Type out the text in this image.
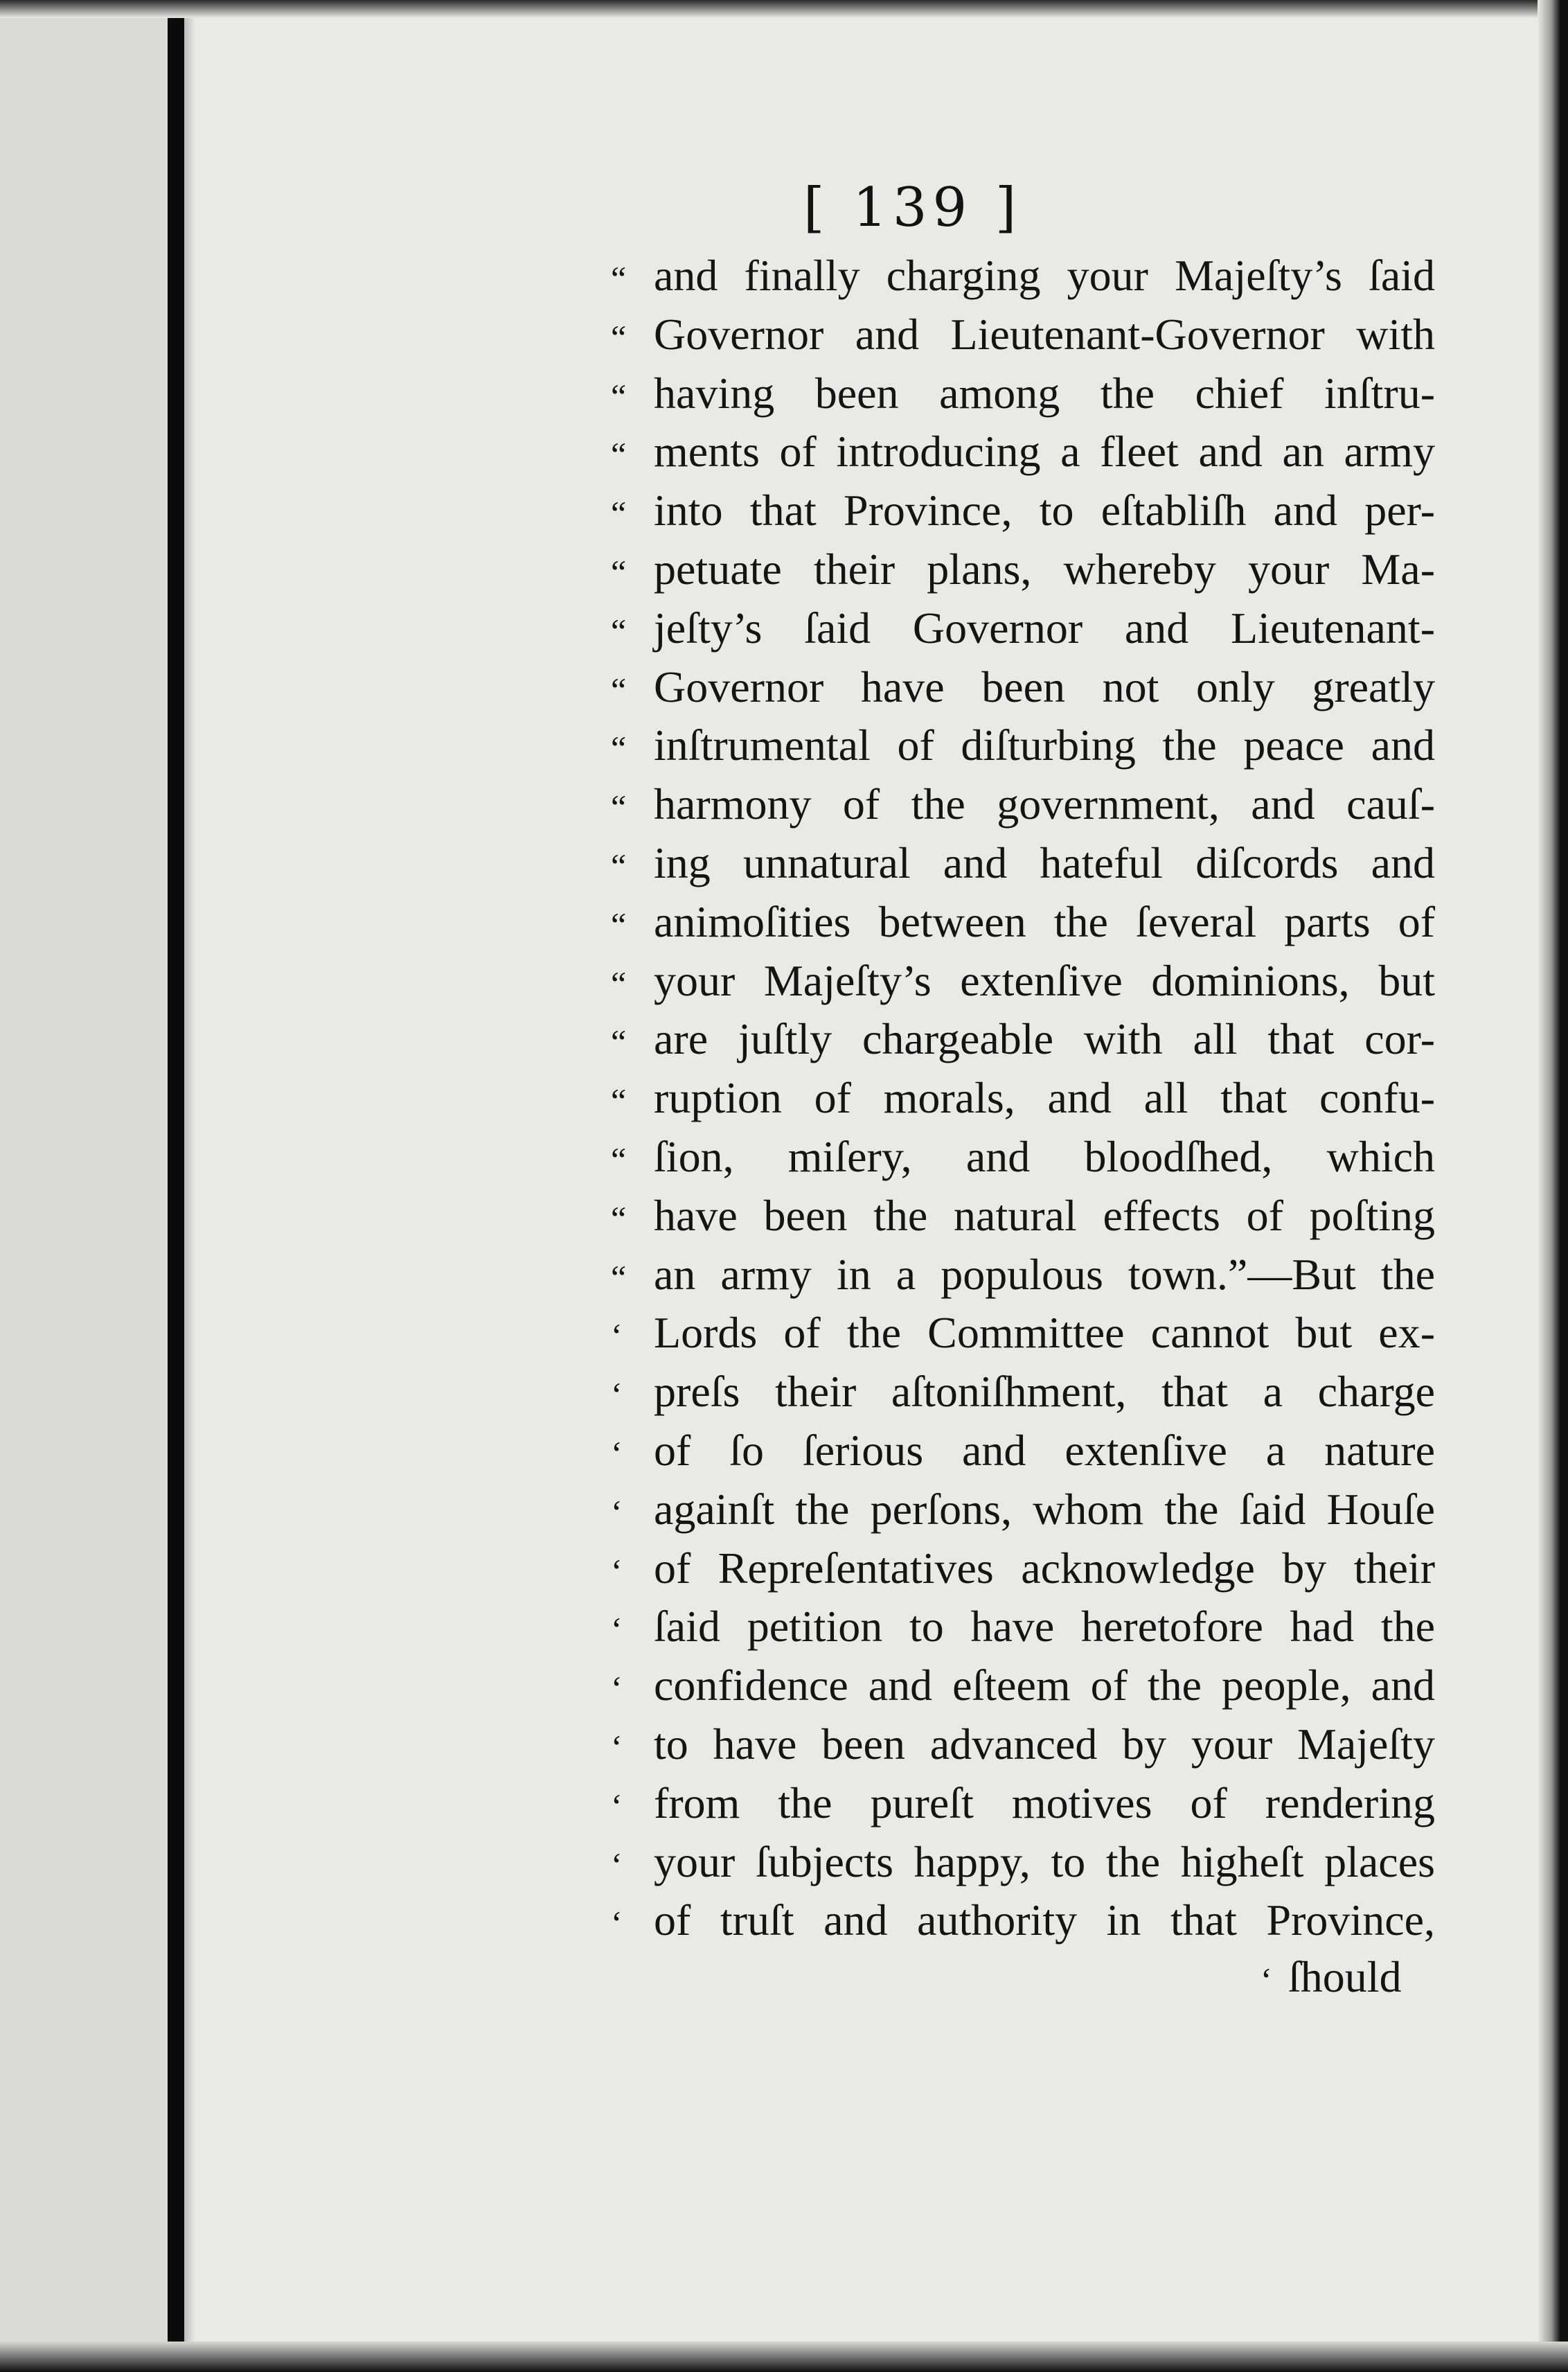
[ 139 ]
“ and finally charging your Majeſty’s ſaid
“ Governor and Lieutenant-Governor with
“ having been among the chief inſtru-
“ ments of introducing a fleet and an army
“ into that Province, to eſtabliſh and per-
“ petuate their plans, whereby your Ma-
“ jeſty’s ſaid Governor and Lieutenant-
“ Governor have been not only greatly
“ inſtrumental of diſturbing the peace and
“ harmony of the government, and cauſ-
“ ing unnatural and hateful diſcords and
“ animoſities between the ſeveral parts of
“ your Majeſty’s extenſive dominions, but
“ are juſtly chargeable with all that cor-
“ ruption of morals, and all that confu-
“ ſion, miſery, and bloodſhed, which
“ have been the natural effects of poſting
“ an army in a populous town.”—But the
‘ Lords of the Committee cannot but ex-
‘ preſs their aſtoniſhment, that a charge
‘ of ſo ſerious and extenſive a nature
‘ againſt the perſons, whom the ſaid Houſe
‘ of Repreſentatives acknowledge by their
‘ ſaid petition to have heretofore had the
‘ confidence and eſteem of the people, and
‘ to have been advanced by your Majeſty
‘ from the pureſt motives of rendering
‘ your ſubjects happy, to the higheſt places
‘ of truſt and authority in that Province,
‘ ſhould
